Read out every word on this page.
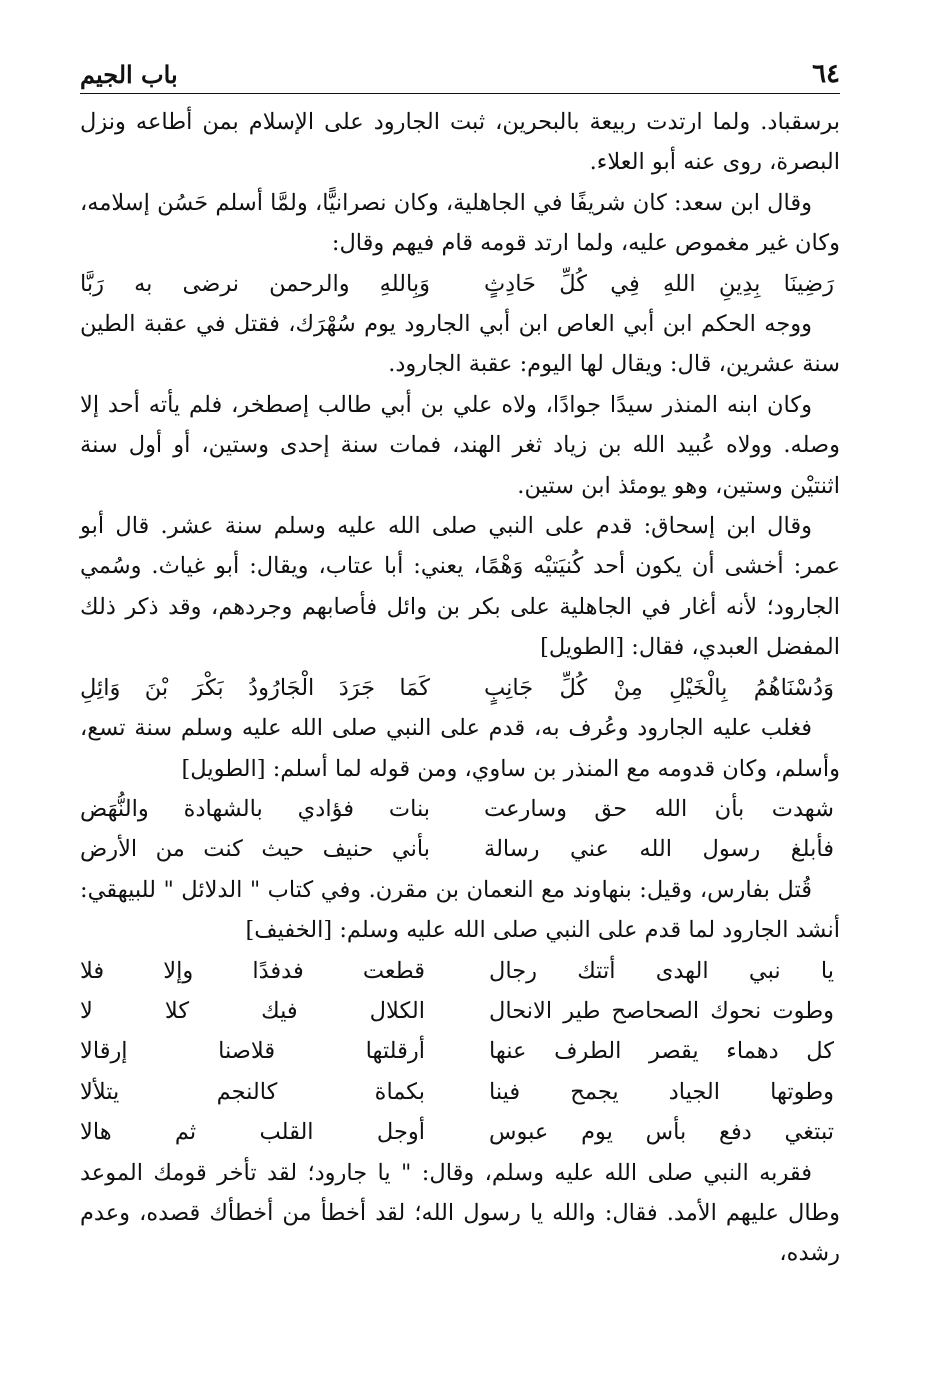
٦٤
باب الجيم

برسقباد. ولما ارتدت ربيعة بالبحرين، ثبت الجارود على الإسلام بمن أطاعه ونزل البصرة، روى عنه أبو العلاء.

وقال ابن سعد: كان شريفًا في الجاهلية، وكان نصرانيًّا، ولمَّا أسلم حَسُن إسلامه، وكان غير مغموص عليه، ولما ارتد قومه قام فيهم وقال:

رَضِينَا بِدِينِ اللهِ فِي كُلِّ حَادِثٍ
وَبِاللهِ والرحمن نرضى به رَبَّا

ووجه الحكم ابن أبي العاص ابن أبي الجارود يوم سُهْرَك، فقتل في عقبة الطين سنة عشرين، قال: ويقال لها اليوم: عقبة الجارود.

وكان ابنه المنذر سيدًا جوادًا، ولاه علي بن أبي طالب إصطخر، فلم يأته أحد إلا وصله. وولاه عُبيد الله بن زياد ثغر الهند، فمات سنة إحدى وستين، أو أول سنة اثنتيْن وستين، وهو يومئذ ابن ستين.

وقال ابن إسحاق: قدم على النبي صلى الله عليه وسلم سنة عشر. قال أبو عمر: أخشى أن يكون أحد كُنيَتيْه وَهْمًا، يعني: أبا عتاب، ويقال: أبو غياث. وسُمي الجارود؛ لأنه أغار في الجاهلية على بكر بن وائل فأصابهم وجردهم، وقد ذكر ذلك المفضل العبدي، فقال: [الطويل]

وَدُسْنَاهُمُ بِالْخَيْلِ مِنْ كُلِّ جَانِبٍ
كَمَا جَرَدَ الْجَارُودُ بَكْرَ بْنَ وَائِلِ

فغلب عليه الجارود وعُرف به، قدم على النبي صلى الله عليه وسلم سنة تسع، وأسلم، وكان قدومه مع المنذر بن ساوي، ومن قوله لما أسلم: [الطويل]

شهدت بأن الله حق وسارعت
بنات فؤادي بالشهادة والنُّهَض
فأبلغ رسول الله عني رسالة
بأني حنيف حيث كنت من الأرض

قُتل بفارس، وقيل: بنهاوند مع النعمان بن مقرن. وفي كتاب " الدلائل " للبيهقي: أنشد الجارود لما قدم على النبي صلى الله عليه وسلم: [الخفيف]

يا نبي الهدى أتتك رجال
قطعت فدفدًا وإلا فلا
وطوت نحوك الصحاصح طير الانحال
الكلال فيك كلا لا
كل دهماء يقصر الطرف عنها
أرقلتها قلاصنا إرقالا
وطوتها الجياد يجمح فينا
بكماة كالنجم يتلألا
تبتغي دفع بأس يوم عبوس
أوجل القلب ثم هالا

فقربه النبي صلى الله عليه وسلم، وقال: " يا جارود؛ لقد تأخر قومك الموعد وطال عليهم الأمد. فقال: والله يا رسول الله؛ لقد أخطأ من أخطأك قصده، وعدم رشده،
